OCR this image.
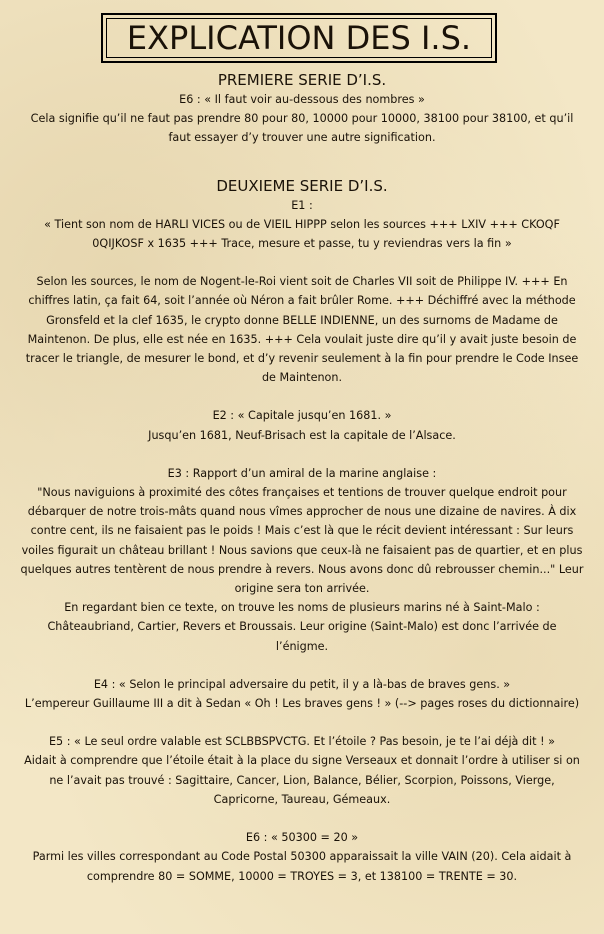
EXPLICATION DES I.S.

PREMIERE SERIE D’I.S.

E6 : « Il faut voir au-dessous des nombres »

Cela signifie qu’il ne faut pas prendre 80 pour 80, 10000 pour 10000, 38100 pour 38100, et qu’il faut essayer d’y trouver une autre signification.

DEUXIEME SERIE D’I.S.

E1 :

« Tient son nom de HARLI VICES ou de VIEIL HIPPP selon les sources +++ LXIV +++ CKOQF 0QIJKOSF x 1635 +++ Trace, mesure et passe, tu y reviendras vers la fin »

Selon les sources, le nom de Nogent-le-Roi vient soit de Charles VII soit de Philippe IV. +++ En chiffres latin, ça fait 64, soit l’année où Néron a fait brûler Rome. +++ Déchiffré avec la méthode Gronsfeld et la clef 1635, le crypto donne BELLE INDIENNE, un des surnoms de Madame de Maintenon. De plus, elle est née en 1635. +++ Cela voulait juste dire qu’il y avait juste besoin de tracer le triangle, de mesurer le bond, et d’y revenir seulement à la fin pour prendre le Code Insee de Maintenon.

E2 : « Capitale jusqu’en 1681. »

Jusqu’en 1681, Neuf-Brisach est la capitale de l’Alsace.

E3 : Rapport d’un amiral de la marine anglaise :

"Nous naviguions à proximité des côtes françaises et tentions de trouver quelque endroit pour débarquer de notre trois-mâts quand nous vîmes approcher de nous une dizaine de navires. À dix contre cent, ils ne faisaient pas le poids ! Mais c’est là que le récit devient intéressant : Sur leurs voiles figurait un château brillant ! Nous savions que ceux-là ne faisaient pas de quartier, et en plus quelques autres tentèrent de nous prendre à revers. Nous avons donc dû rebrousser chemin..." Leur origine sera ton arrivée.

En regardant bien ce texte, on trouve les noms de plusieurs marins né à Saint-Malo : Châteaubriand, Cartier, Revers et Broussais. Leur origine (Saint-Malo) est donc l’arrivée de l’énigme.

E4 : « Selon le principal adversaire du petit, il y a là-bas de braves gens. »

L’empereur Guillaume III a dit à Sedan « Oh ! Les braves gens ! » (--> pages roses du dictionnaire)

E5 : « Le seul ordre valable est SCLBBSPVCTG. Et l’étoile ? Pas besoin, je te l’ai déjà dit ! »

Aidait à comprendre que l’étoile était à la place du signe Verseaux et donnait l’ordre à utiliser si on ne l’avait pas trouvé : Sagittaire, Cancer, Lion, Balance, Bélier, Scorpion, Poissons, Vierge, Capricorne, Taureau, Gémeaux.

E6 : « 50300 = 20 »

Parmi les villes correspondant au Code Postal 50300 apparaissait la ville VAIN (20). Cela aidait à comprendre 80 = SOMME, 10000 = TROYES = 3, et 138100 = TRENTE = 30.
